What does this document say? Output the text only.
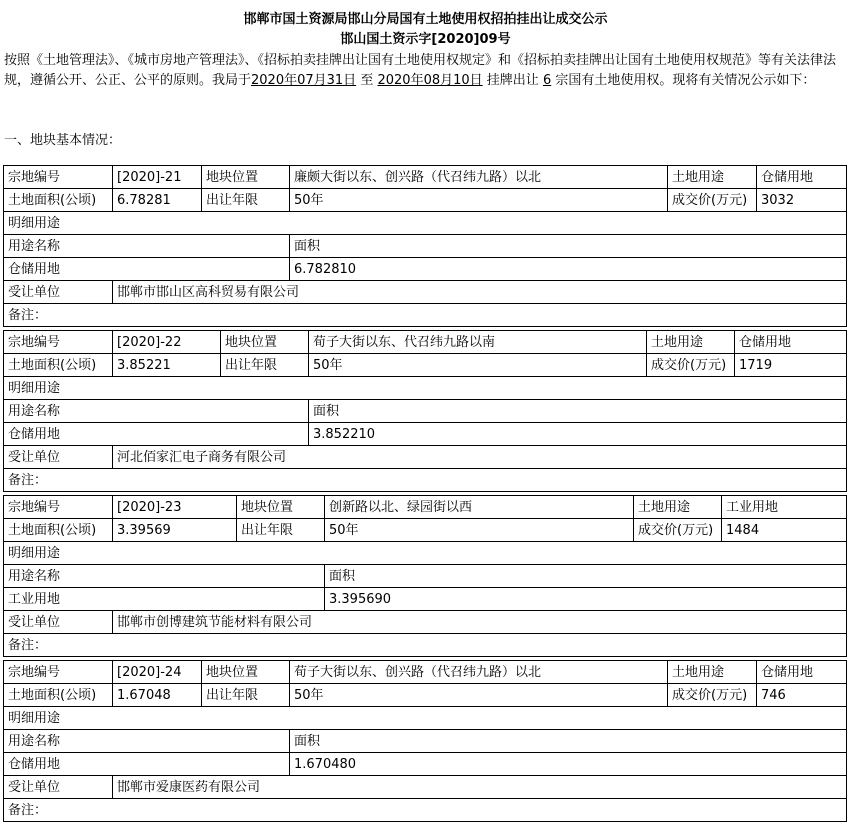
邯郸市国土资源局邯山分局国有土地使用权招拍挂出让成交公示
邯山国土资示字[2020]09号
按照《土地管理法》、《城市房地产管理法》、《招标拍卖挂牌出让国有土地使用权规定》和《招标拍卖挂牌出让国有土地使用权规范》等有关法律法规，遵循公开、公正、公平的原则。我局于2020年07月31日 至 2020年08月10日 挂牌出让 6 宗国有土地使用权。现将有关情况公示如下：
一、地块基本情况：
宗地编号	[2020]-21	地块位置	廉颇大街以东、创兴路（代召纬九路）以北	土地用途	仓储用地
土地面积(公顷)	6.78281	出让年限	50年	成交价(万元)	3032
明细用途					
用途名称			面积		
仓储用地			6.782810		
受让单位	邯郸市邯山区高科贸易有限公司				
备注：					
宗地编号	[2020]-22	地块位置	荀子大街以东、代召纬九路以南	土地用途	仓储用地
土地面积(公顷)	3.85221	出让年限	50年	成交价(万元)	1719
明细用途					
用途名称			面积		
仓储用地			3.852210		
受让单位	河北佰家汇电子商务有限公司				
备注：					
宗地编号	[2020]-23	地块位置	创新路以北、绿园街以西	土地用途	工业用地
土地面积(公顷)	3.39569	出让年限	50年	成交价(万元)	1484
明细用途					
用途名称			面积		
工业用地			3.395690		
受让单位	邯郸市创博建筑节能材料有限公司				
备注：					
宗地编号	[2020]-24	地块位置	荀子大街以东、创兴路（代召纬九路）以北	土地用途	仓储用地
土地面积(公顷)	1.67048	出让年限	50年	成交价(万元)	746
明细用途					
用途名称			面积		
仓储用地			1.670480		
受让单位	邯郸市爱康医药有限公司				
备注：					
